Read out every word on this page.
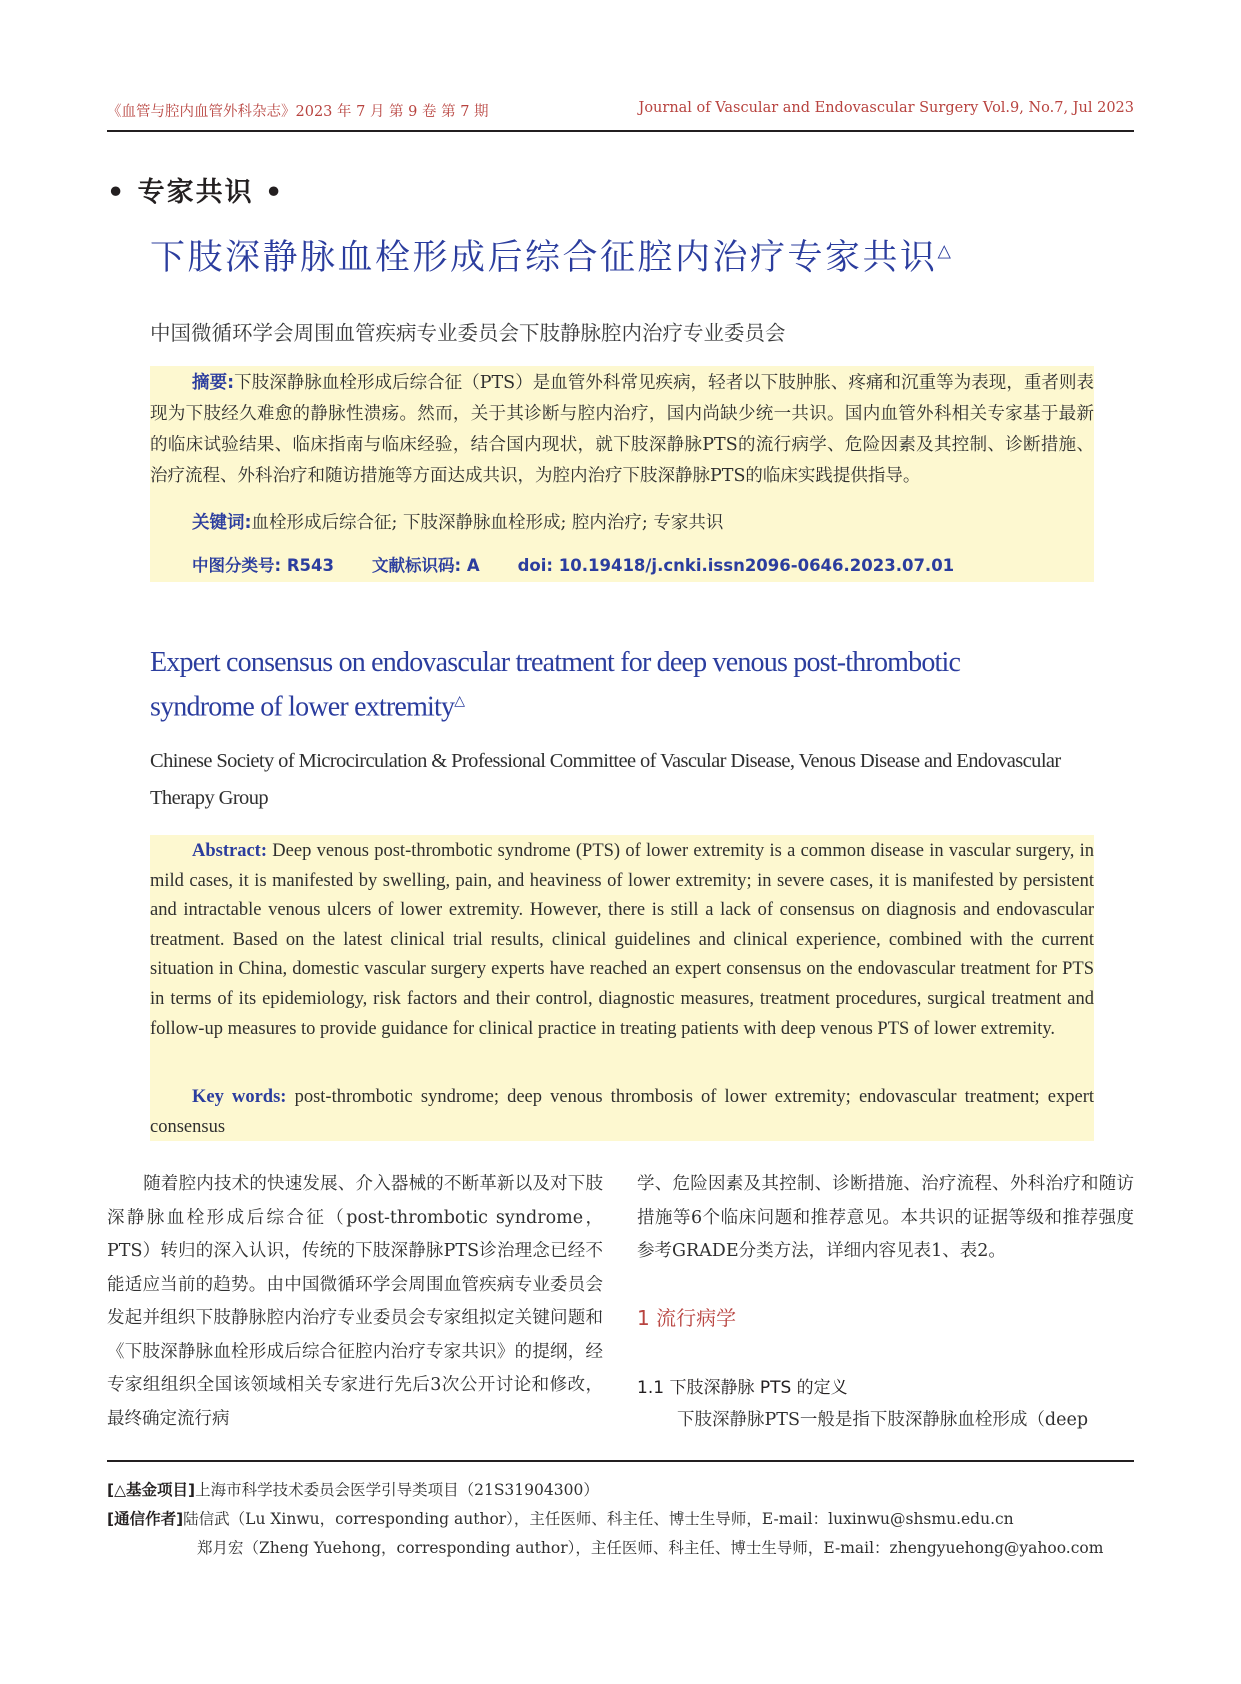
《血管与腔内血管外科杂志》2023 年 7 月 第 9 卷 第 7 期	Journal of Vascular and Endovascular Surgery Vol.9, No.7, Jul 2023
• 专家共识 •
下肢深静脉血栓形成后综合征腔内治疗专家共识△
中国微循环学会周围血管疾病专业委员会下肢静脉腔内治疗专业委员会
摘要:下肢深静脉血栓形成后综合征（PTS）是血管外科常见疾病，轻者以下肢肿胀、疼痛和沉重等为表现，重者则表现为下肢经久难愈的静脉性溃疡。然而，关于其诊断与腔内治疗，国内尚缺少统一共识。国内血管外科相关专家基于最新的临床试验结果、临床指南与临床经验，结合国内现状，就下肢深静脉PTS的流行病学、危险因素及其控制、诊断措施、治疗流程、外科治疗和随访措施等方面达成共识，为腔内治疗下肢深静脉PTS的临床实践提供指导。
关键词:血栓形成后综合征; 下肢深静脉血栓形成; 腔内治疗; 专家共识
中图分类号: R543 文献标识码: A doi: 10.19418/j.cnki.issn2096-0646.2023.07.01
Expert consensus on endovascular treatment for deep venous post-thrombotic syndrome of lower extremity△
Chinese Society of Microcirculation & Professional Committee of Vascular Disease, Venous Disease and Endovascular Therapy Group
Abstract: Deep venous post-thrombotic syndrome (PTS) of lower extremity is a common disease in vascular surgery, in mild cases, it is manifested by swelling, pain, and heaviness of lower extremity; in severe cases, it is manifested by persistent and intractable venous ulcers of lower extremity. However, there is still a lack of consensus on diagnosis and endovascular treatment. Based on the latest clinical trial results, clinical guidelines and clinical experience, combined with the current situation in China, domestic vascular surgery experts have reached an expert consensus on the endovascular treatment for PTS in terms of its epidemiology, risk factors and their control, diagnostic measures, treatment procedures, surgical treatment and follow-up measures to provide guidance for clinical practice in treating patients with deep venous PTS of lower extremity.
Key words: post-thrombotic syndrome; deep venous thrombosis of lower extremity; endovascular treatment; expert consensus
随着腔内技术的快速发展、介入器械的不断革新以及对下肢深静脉血栓形成后综合征（post-thrombotic syndrome，PTS）转归的深入认识，传统的下肢深静脉PTS诊治理念已经不能适应当前的趋势。由中国微循环学会周围血管疾病专业委员会发起并组织下肢静脉腔内治疗专业委员会专家组拟定关键问题和《下肢深静脉血栓形成后综合征腔内治疗专家共识》的提纲，经专家组组织全国该领域相关专家进行先后3次公开讨论和修改，最终确定流行病
学、危险因素及其控制、诊断措施、治疗流程、外科治疗和随访措施等6个临床问题和推荐意见。本共识的证据等级和推荐强度参考GRADE分类方法，详细内容见表1、表2。
1 流行病学
1.1 下肢深静脉 PTS 的定义
下肢深静脉PTS一般是指下肢深静脉血栓形成（deep
[△基金项目]上海市科学技术委员会医学引导类项目（21S31904300）
[通信作者]陆信武（Lu Xinwu，corresponding author），主任医师、科主任、博士生导师，E-mail：luxinwu@shsmu.edu.cn
郑月宏（Zheng Yuehong，corresponding author），主任医师、科主任、博士生导师，E-mail：zhengyuehong@yahoo.com
